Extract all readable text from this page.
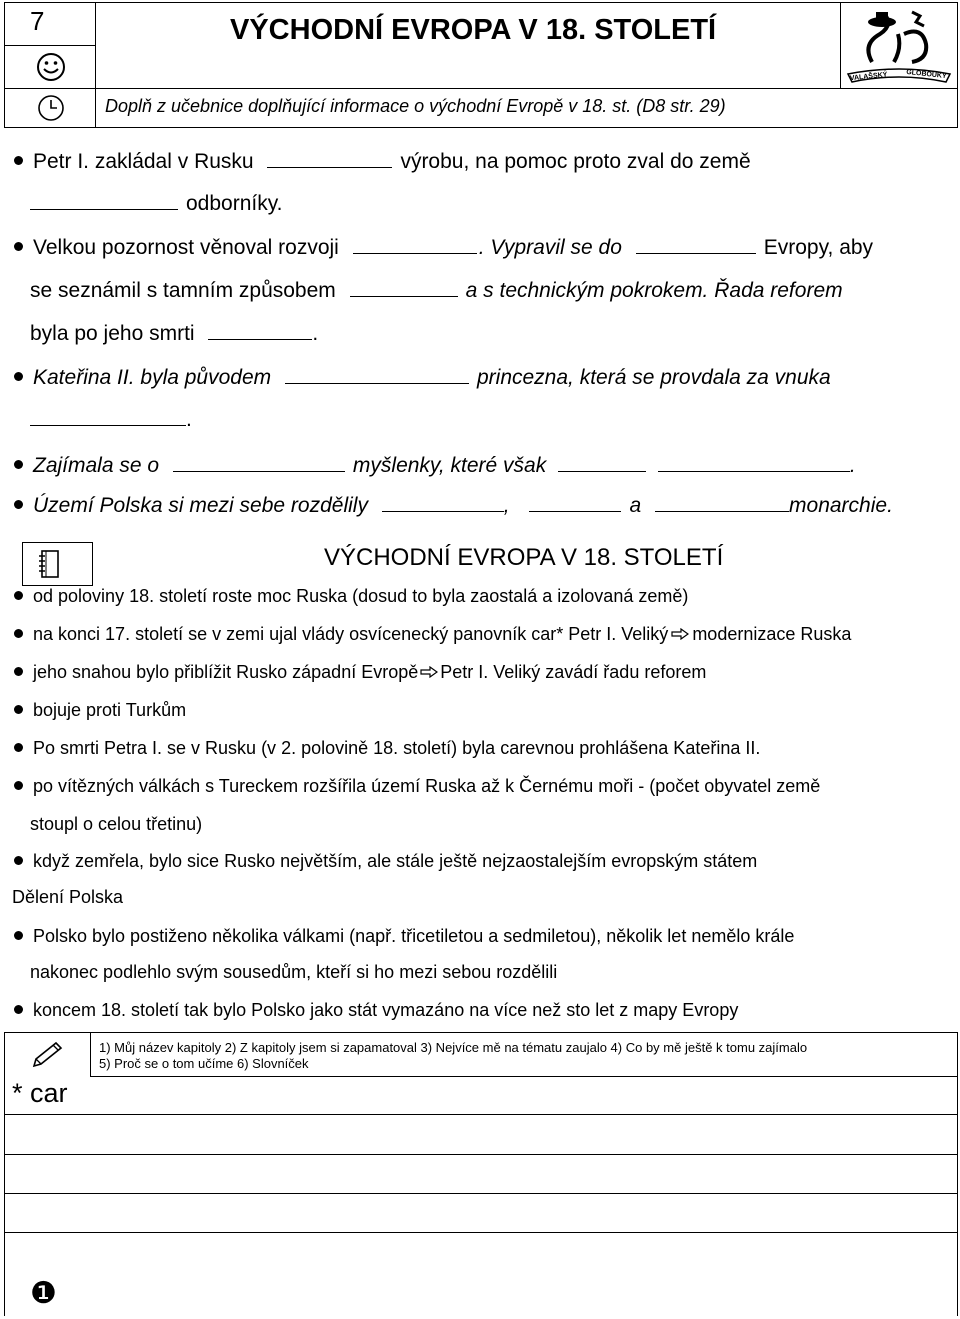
7	VÝCHODNÍ EVROPA V 18. STOLETÍ
Doplň z učebnice doplňující informace o východní Evropě v 18. st. (D8 str. 29)
VALAŠSKÝ	GLOBOUKY
Petr I. zakládal v Rusku	výrobu, na pomoc proto zval do země
odborníky.
Velkou pozornost věnoval rozvoji	. Vypravil se do	Evropy, aby
se seznámil s tamním způsobem	a s technickým pokrokem. Řada reforem
byla po jeho smrti	.
Kateřina II. byla původem	princezna, která se provdala za vnuka
.
Zajímala se o	myšlenky, které však	.
Území Polska si mezi sebe rozdělily	,	a	monarchie.
VÝCHODNÍ EVROPA V 18. STOLETÍ
od poloviny 18. století roste moc Ruska (dosud to byla zaostalá a izolovaná země)
na konci 17. století se v zemi ujal vlády osvícenecký panovník car* Petr I. Veliký modernizace Ruska
jeho snahou bylo přiblížit Rusko západní Evropě Petr I. Veliký zavádí řadu reforem
bojuje proti Turkům
Po smrti Petra I. se v Rusku (v 2. polovině 18. století) byla carevnou prohlášena Kateřina II.
po vítězných válkách s Tureckem rozšířila území Ruska až k Černému moři - (počet obyvatel země
stoupl o celou třetinu)
když zemřela, bylo sice Rusko největším, ale stále ještě nejzaostalejším evropským státem
Dělení Polska
Polsko bylo postiženo několika válkami (např. třicetiletou a sedmiletou), několik let nemělo krále
nakonec podlehlo svým sousedům, kteří si ho mezi sebou rozdělili
koncem 18. století tak bylo Polsko jako stát vymazáno na více než sto let z mapy Evropy
1) Můj název kapitoly 2) Z kapitoly jsem si zapamatoval 3) Nejvíce mě na tématu zaujalo 4) Co by mě ještě k tomu zajímalo
5) Proč se o tom učíme 6) Slovníček
* car
❶
